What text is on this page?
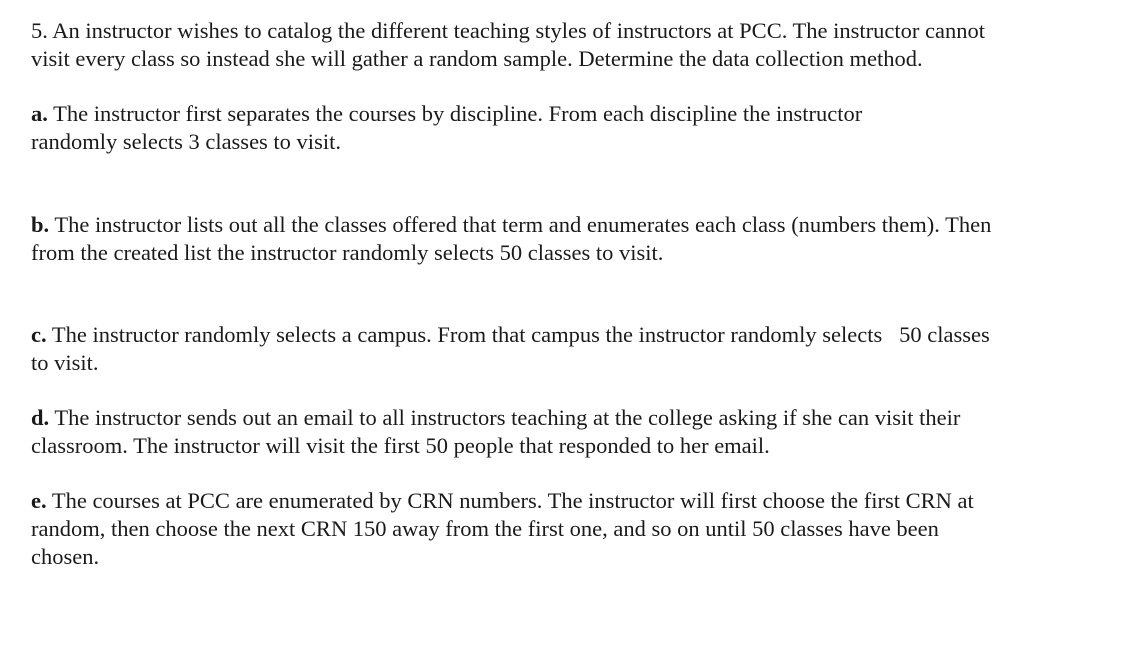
5. An instructor wishes to catalog the different teaching styles of instructors at PCC. The instructor cannot
visit every class so instead she will gather a random sample. Determine the data collection method.

a. The instructor first separates the courses by discipline. From each discipline the instructor
randomly selects 3 classes to visit.

b. The instructor lists out all the classes offered that term and enumerates each class (numbers them). Then
from the created list the instructor randomly selects 50 classes to visit.

c. The instructor randomly selects a campus. From that campus the instructor randomly selects   50 classes
to visit.

d. The instructor sends out an email to all instructors teaching at the college asking if she can visit their
classroom. The instructor will visit the first 50 people that responded to her email.

e. The courses at PCC are enumerated by CRN numbers. The instructor will first choose the first CRN at
random, then choose the next CRN 150 away from the first one, and so on until 50 classes have been
chosen.
